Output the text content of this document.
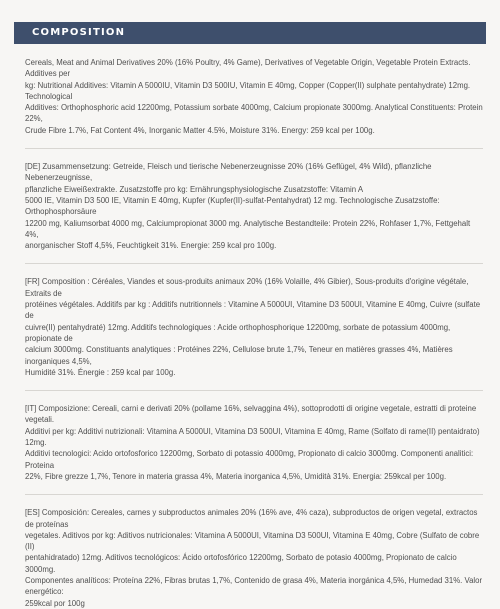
COMPOSITION

Cereals, Meat and Animal Derivatives 20% (16% Poultry, 4% Game), Derivatives of Vegetable Origin, Vegetable Protein Extracts. Additives per
kg: Nutritional Additives: Vitamin A 5000IU, Vitamin D3 500IU, Vitamin E 40mg, Copper (Copper(II) sulphate pentahydrate) 12mg. Technological
Additives: Orthophosphoric acid 12200mg, Potassium sorbate 4000mg, Calcium propionate 3000mg. Analytical Constituents: Protein 22%,
Crude Fibre 1.7%, Fat Content 4%, Inorganic Matter 4.5%, Moisture 31%. Energy: 259 kcal per 100g.

[DE] Zusammensetzung: Getreide, Fleisch und tierische Nebenerzeugnisse 20% (16% Geflügel, 4% Wild), pflanzliche Nebenerzeugnisse,
pflanzliche Eiweißextrakte. Zusatzstoffe pro kg: Ernährungsphysiologische Zusatzstoffe: Vitamin A
5000 IE, Vitamin D3 500 IE, Vitamin E 40mg, Kupfer (Kupfer(II)-sulfat-Pentahydrat) 12 mg. Technologische Zusatzstoffe: Orthophosphorsäure
12200 mg, Kaliumsorbat 4000 mg, Calciumpropionat 3000 mg. Analytische Bestandteile: Protein 22%, Rohfaser 1,7%, Fettgehalt 4%,
anorganischer Stoff 4,5%, Feuchtigkeit 31%. Energie: 259 kcal pro 100g.

[FR] Composition : Céréales, Viandes et sous-produits animaux 20% (16% Volaille, 4% Gibier), Sous-produits d'origine végétale, Extraits de
protéines végétales. Additifs par kg : Additifs nutritionnels : Vitamine A 5000UI, Vitamine D3 500UI, Vitamine E 40mg, Cuivre (sulfate de
cuivre(II) pentahydraté) 12mg. Additifs technologiques : Acide orthophosphorique 12200mg, sorbate de potassium 4000mg, propionate de
calcium 3000mg. Constituants analytiques : Protéines 22%, Cellulose brute 1,7%, Teneur en matières grasses 4%, Matières inorganiques 4,5%,
Humidité 31%. Énergie : 259 kcal par 100g.

[IT] Composizione: Cereali, carni e derivati 20% (pollame 16%, selvaggina 4%), sottoprodotti di origine vegetale, estratti di proteine vegetali.
Additivi per kg: Additivi nutrizionali: Vitamina A 5000UI, Vitamina D3 500UI, Vitamina E 40mg, Rame (Solfato di rame(II) pentaidrato) 12mg.
Additivi tecnologici: Acido ortofosforico 12200mg, Sorbato di potassio 4000mg, Propionato di calcio 3000mg. Componenti analitici: Proteina
22%, Fibre grezze 1,7%, Tenore in materia grassa 4%, Materia inorganica 4,5%, Umidità 31%. Energia: 259kcal per 100g.

[ES] Composición: Cereales, carnes y subproductos animales 20% (16% ave, 4% caza), subproductos de origen vegetal, extractos de proteínas
vegetales. Aditivos por kg: Aditivos nutricionales: Vitamina A 5000UI, Vitamina D3 500UI, Vitamina E 40mg, Cobre (Sulfato de cobre (II)
pentahidratado) 12mg. Aditivos tecnológicos: Ácido ortofosfórico 12200mg, Sorbato de potasio 4000mg, Propionato de calcio 3000mg.
Componentes analíticos: Proteína 22%, Fibras brutas 1,7%, Contenido de grasa 4%, Materia inorgánica 4,5%, Humedad 31%. Valor energético:
259kcal por 100g
